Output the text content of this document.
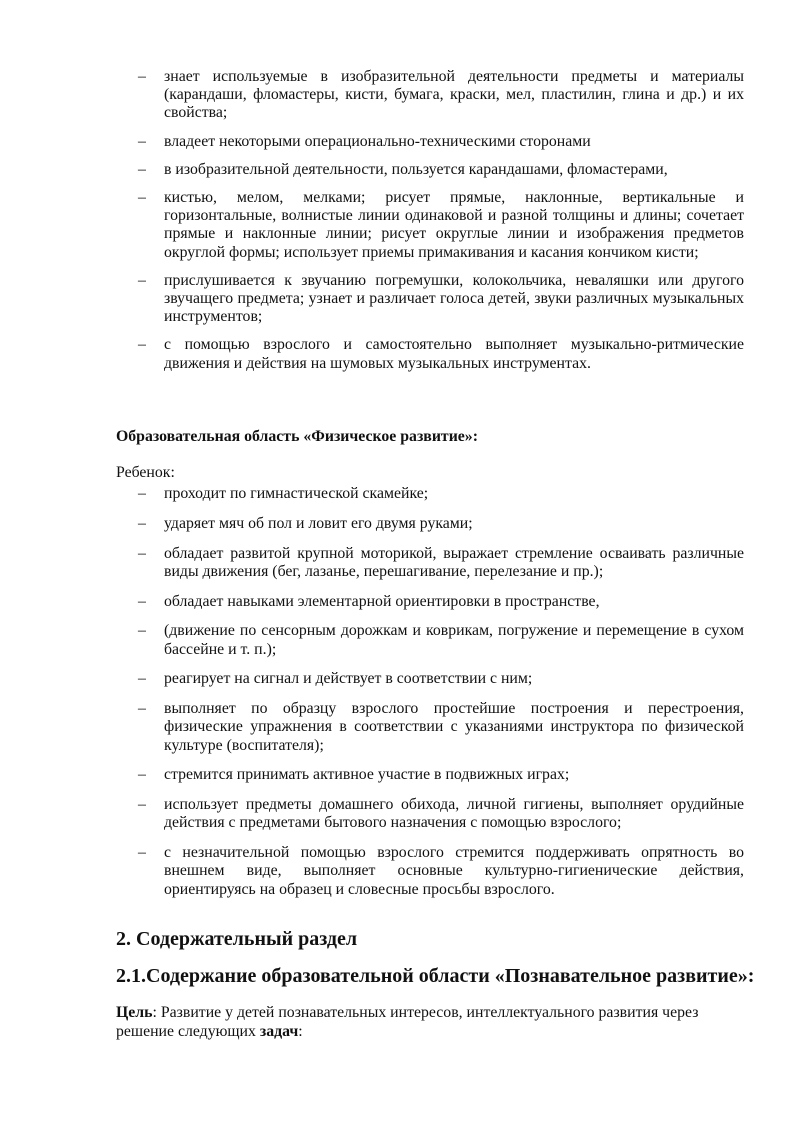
– знает используемые в изобразительной деятельности предметы и материалы (карандаши, фломастеры, кисти, бумага, краски, мел, пластилин, глина и др.) и их свойства;
– владеет некоторыми операционально-техническими сторонами
– в изобразительной деятельности, пользуется карандашами, фломастерами,
– кистью, мелом, мелками; рисует прямые, наклонные, вертикальные и горизонтальные, волнистые линии одинаковой и разной толщины и длины; сочетает прямые и наклонные линии; рисует округлые линии и изображения предметов округлой формы; использует приемы примакивания и касания кончиком кисти;
– прислушивается к звучанию погремушки, колокольчика, неваляшки или другого звучащего предмета; узнает и различает голоса детей, звуки различных музыкальных инструментов;
– с помощью взрослого и самостоятельно выполняет музыкально-ритмические движения и действия на шумовых музыкальных инструментах.

Образовательная область «Физическое развитие»:

Ребенок:

– проходит по гимнастической скамейке;
– ударяет мяч об пол и ловит его двумя руками;
– обладает развитой крупной моторикой, выражает стремление осваивать различные виды движения (бег, лазанье, перешагивание, перелезание и пр.);
– обладает навыками элементарной ориентировки в пространстве,
– (движение по сенсорным дорожкам и коврикам, погружение и перемещение в сухом бассейне и т. п.);
– реагирует на сигнал и действует в соответствии с ним;
– выполняет по образцу взрослого простейшие построения и перестроения, физические упражнения в соответствии с указаниями инструктора по физической культуре (воспитателя);
– стремится принимать активное участие в подвижных играх;
– использует предметы домашнего обихода, личной гигиены, выполняет орудийные действия с предметами бытового назначения с помощью взрослого;
– с незначительной помощью взрослого стремится поддерживать опрятность во внешнем виде, выполняет основные культурно-гигиенические действия, ориентируясь на образец и словесные просьбы взрослого.
2. Содержательный раздел
2.1.Содержание образовательной области «Познавательное развитие»:

Цель: Развитие у детей познавательных интересов, интеллектуального развития через решение следующих задач:
